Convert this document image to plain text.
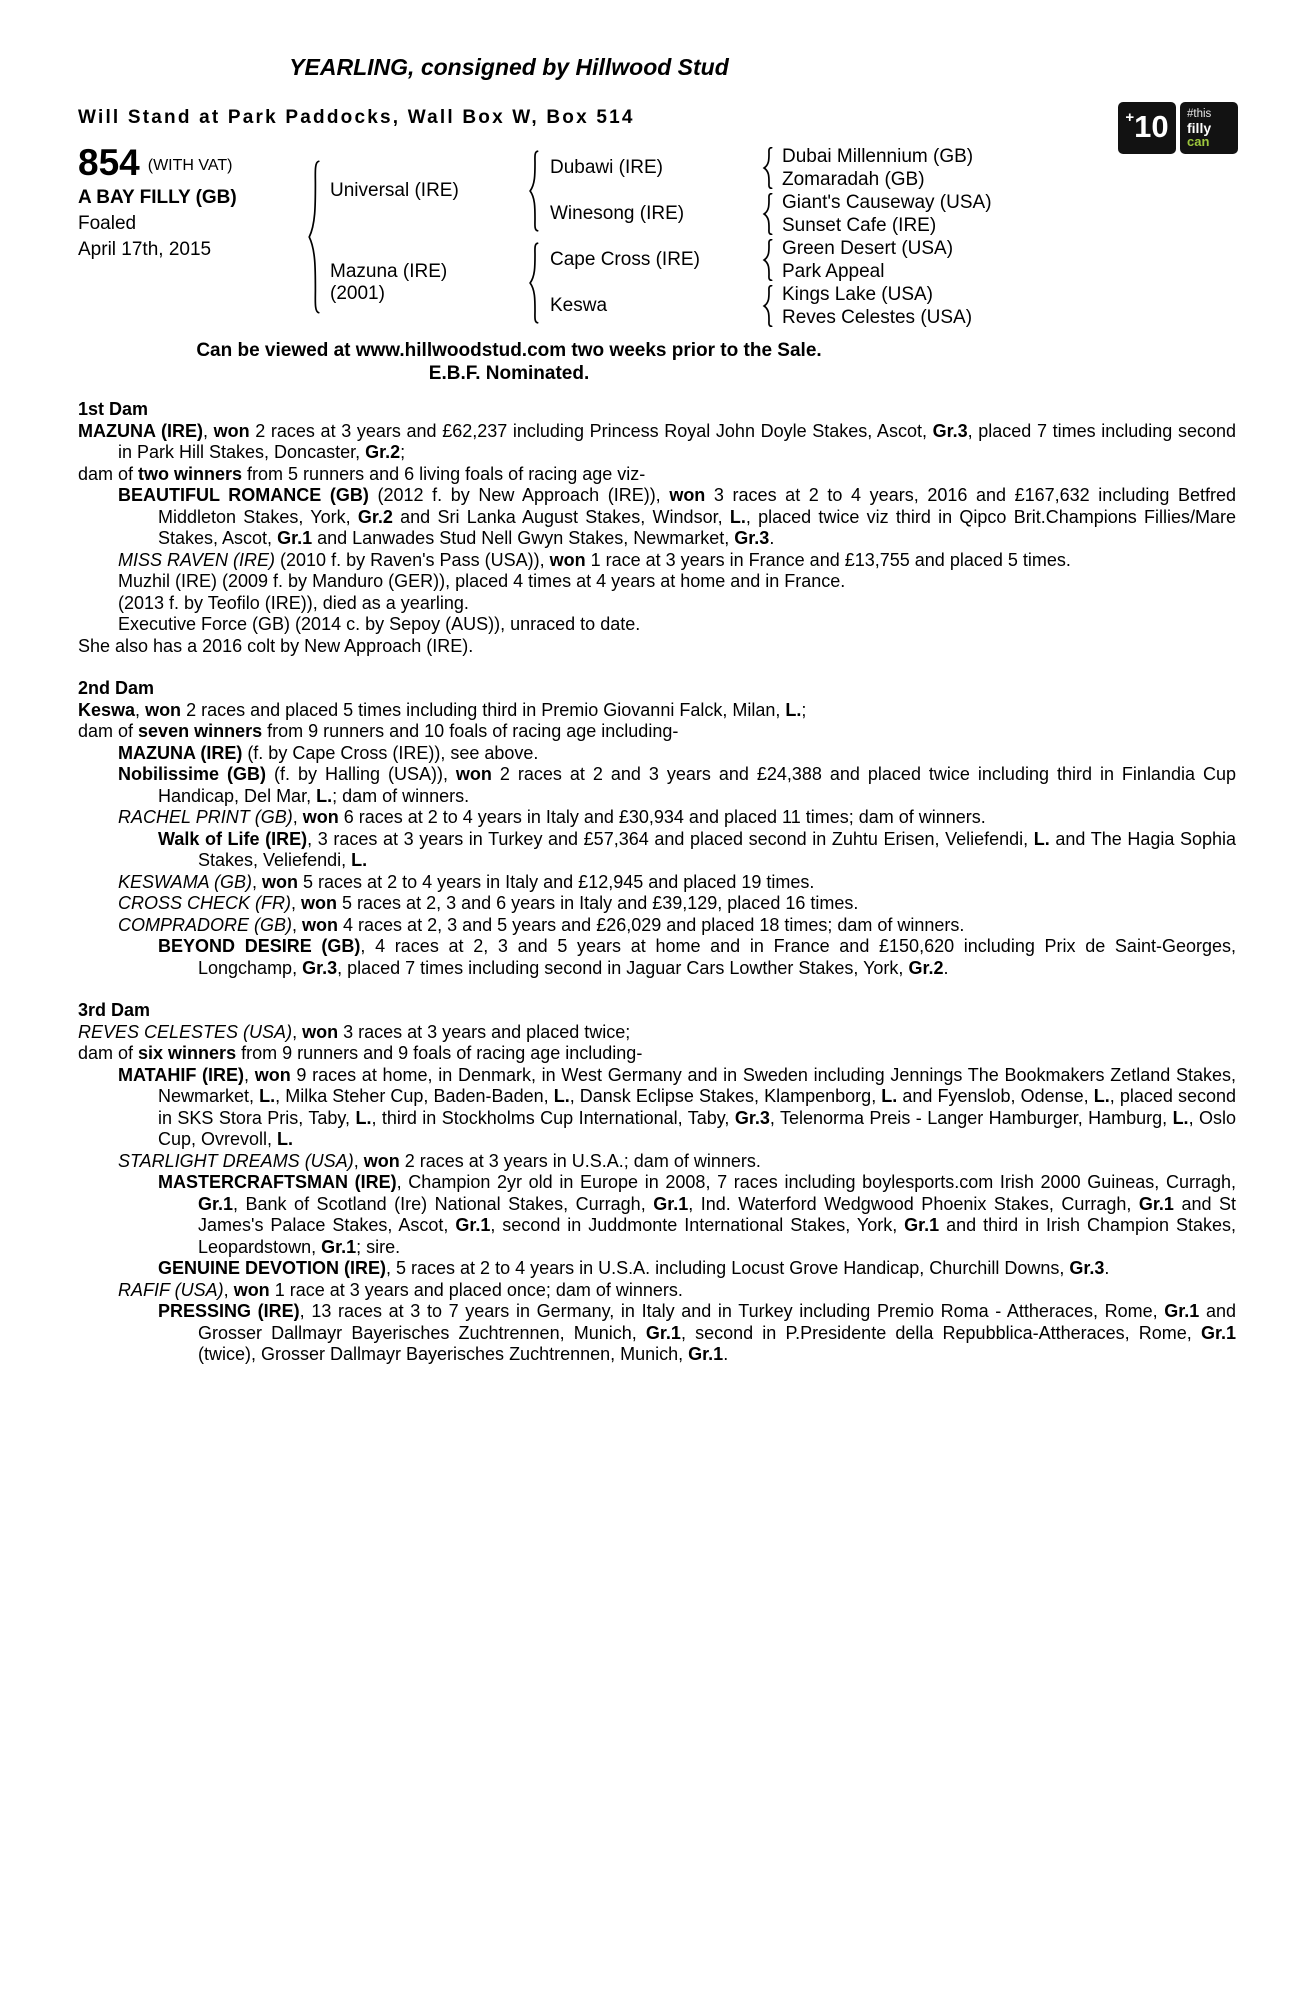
YEARLING, consigned by Hillwood Stud
Will Stand at Park Paddocks, Wall Box W, Box 514	+ 10 #this
filly
can
854 (WITH VAT)
A BAY FILLY (GB)
Foaled
April 17th, 2015
Universal (IRE)
Mazuna (IRE)
(2001)
Dubawi (IRE)
Winesong (IRE)
Cape Cross (IRE)
Keswa
Dubai Millennium (GB)
Zomaradah (GB)
Giant's Causeway (USA)
Sunset Cafe (IRE)
Green Desert (USA)
Park Appeal
Kings Lake (USA)
Reves Celestes (USA)
Can be viewed at www.hillwoodstud.com two weeks prior to the Sale.
E.B.F. Nominated.
1st Dam

MAZUNA (IRE), won 2 races at 3 years and £62,237 including Princess Royal John Doyle Stakes, Ascot, Gr.3, placed 7 times including second in Park Hill Stakes, Doncaster, Gr.2;

dam of two winners from 5 runners and 6 living foals of racing age viz-

BEAUTIFUL ROMANCE (GB) (2012 f. by New Approach (IRE)), won 3 races at 2 to 4 years, 2016 and £167,632 including Betfred Middleton Stakes, York, Gr.2 and Sri Lanka August Stakes, Windsor, L., placed twice viz third in Qipco Brit.Champions Fillies/Mare Stakes, Ascot, Gr.1 and Lanwades Stud Nell Gwyn Stakes, Newmarket, Gr.3.

MISS RAVEN (IRE) (2010 f. by Raven's Pass (USA)), won 1 race at 3 years in France and £13,755 and placed 5 times.

Muzhil (IRE) (2009 f. by Manduro (GER)), placed 4 times at 4 years at home and in France.

(2013 f. by Teofilo (IRE)), died as a yearling.

Executive Force (GB) (2014 c. by Sepoy (AUS)), unraced to date.

She also has a 2016 colt by New Approach (IRE).

2nd Dam

Keswa, won 2 races and placed 5 times including third in Premio Giovanni Falck, Milan, L.;

dam of seven winners from 9 runners and 10 foals of racing age including-

MAZUNA (IRE) (f. by Cape Cross (IRE)), see above.

Nobilissime (GB) (f. by Halling (USA)), won 2 races at 2 and 3 years and £24,388 and placed twice including third in Finlandia Cup Handicap, Del Mar, L.; dam of winners.

RACHEL PRINT (GB), won 6 races at 2 to 4 years in Italy and £30,934 and placed 11 times; dam of winners.

Walk of Life (IRE), 3 races at 3 years in Turkey and £57,364 and placed second in Zuhtu Erisen, Veliefendi, L. and The Hagia Sophia Stakes, Veliefendi, L.

KESWAMA (GB), won 5 races at 2 to 4 years in Italy and £12,945 and placed 19 times.

CROSS CHECK (FR), won 5 races at 2, 3 and 6 years in Italy and £39,129, placed 16 times.

COMPRADORE (GB), won 4 races at 2, 3 and 5 years and £26,029 and placed 18 times; dam of winners.

BEYOND DESIRE (GB), 4 races at 2, 3 and 5 years at home and in France and £150,620 including Prix de Saint-Georges, Longchamp, Gr.3, placed 7 times including second in Jaguar Cars Lowther Stakes, York, Gr.2.

3rd Dam

REVES CELESTES (USA), won 3 races at 3 years and placed twice;

dam of six winners from 9 runners and 9 foals of racing age including-

MATAHIF (IRE), won 9 races at home, in Denmark, in West Germany and in Sweden including Jennings The Bookmakers Zetland Stakes, Newmarket, L., Milka Steher Cup, Baden-Baden, L., Dansk Eclipse Stakes, Klampenborg, L. and Fyenslob, Odense, L., placed second in SKS Stora Pris, Taby, L., third in Stockholms Cup International, Taby, Gr.3, Telenorma Preis - Langer Hamburger, Hamburg, L., Oslo Cup, Ovrevoll, L.

STARLIGHT DREAMS (USA), won 2 races at 3 years in U.S.A.; dam of winners.

MASTERCRAFTSMAN (IRE), Champion 2yr old in Europe in 2008, 7 races including boylesports.com Irish 2000 Guineas, Curragh, Gr.1, Bank of Scotland (Ire) National Stakes, Curragh, Gr.1, Ind. Waterford Wedgwood Phoenix Stakes, Curragh, Gr.1 and St James's Palace Stakes, Ascot, Gr.1, second in Juddmonte International Stakes, York, Gr.1 and third in Irish Champion Stakes, Leopardstown, Gr.1; sire.

GENUINE DEVOTION (IRE), 5 races at 2 to 4 years in U.S.A. including Locust Grove Handicap, Churchill Downs, Gr.3.

RAFIF (USA), won 1 race at 3 years and placed once; dam of winners.

PRESSING (IRE), 13 races at 3 to 7 years in Germany, in Italy and in Turkey including Premio Roma - Attheraces, Rome, Gr.1 and Grosser Dallmayr Bayerisches Zuchtrennen, Munich, Gr.1, second in P.Presidente della Repubblica-Attheraces, Rome, Gr.1 (twice), Grosser Dallmayr Bayerisches Zuchtrennen, Munich, Gr.1.
